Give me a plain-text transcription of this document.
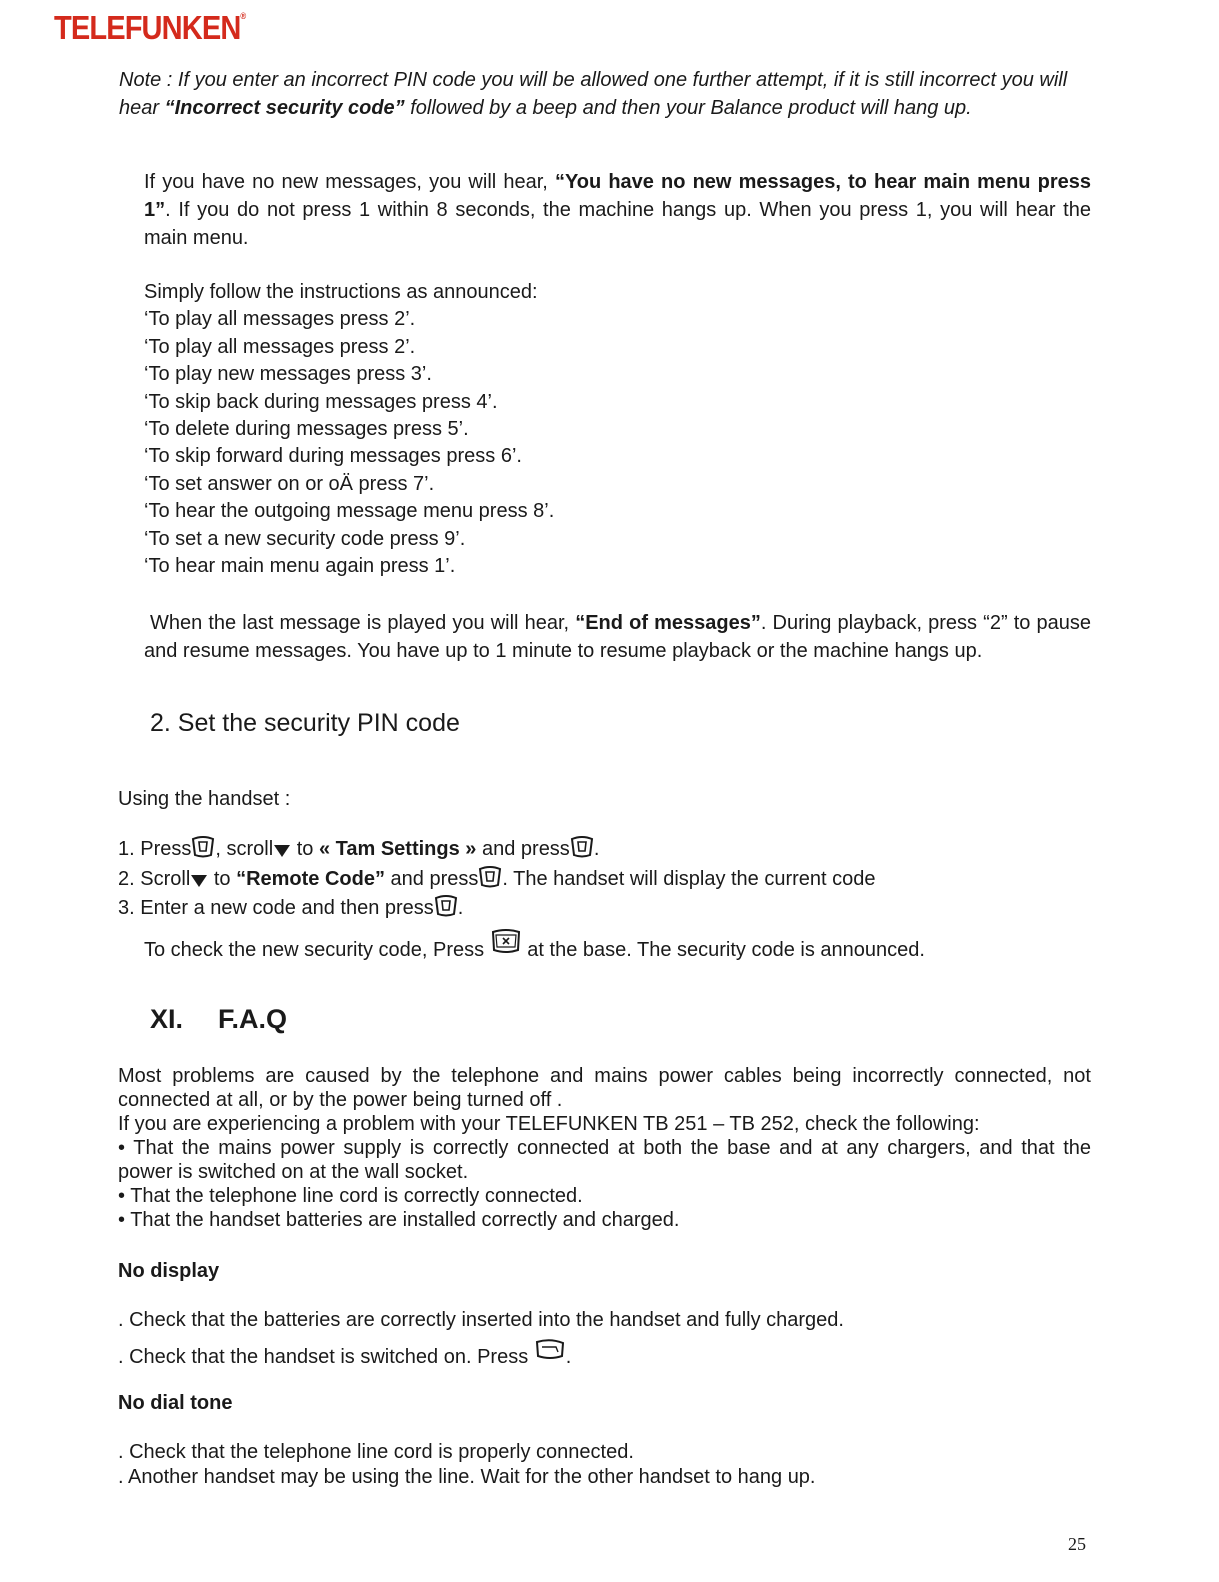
TELEFUNKEN®
Note : If you enter an incorrect PIN code you will be allowed one further attempt, if it is still incorrect you will hear “Incorrect security code” followed by a beep and then your Balance product will hang up.
If you have no new messages, you will hear, “You have no new messages, to hear main menu press 1”. If you do not press 1 within 8 seconds, the machine hangs up. When you press 1, you will hear the main menu.
Simply follow the instructions as announced:
‘To play all messages press 2’.
‘To play all messages press 2’.
‘To play new messages press 3’.
‘To skip back during messages press 4’.
‘To delete during messages press 5’.
‘To skip forward during messages press 6’.
‘To set answer on or oÄ press 7’.
‘To hear the outgoing message menu press 8’.
‘To set a new security code press 9’.
‘To hear main menu again press 1’.
When the last message is played you will hear, “End of messages”. During playback, press “2” to pause and resume messages. You have up to 1 minute to resume playback or the machine hangs up.
2. Set the security PIN code
Using the handset :
1. Press , scroll to « Tam Settings » and press .
2. Scroll to “Remote Code” and press . The handset will display the current code
3. Enter a new code and then press .
To check the new security code, Press  at the base. The security code is announced.
XI. F.A.Q
Most problems are caused by the telephone and mains power cables being incorrectly connected, not connected at all, or by the power being turned off .
If you are experiencing a problem with your TELEFUNKEN TB 251 – TB 252, check the following:
• That the mains power supply is correctly connected at both the base and at any chargers, and that the power is switched on at the wall socket.
• That the telephone line cord is correctly connected.
• That the handset batteries are installed correctly and charged.
No display
. Check that the batteries are correctly inserted into the handset and fully charged.
. Check that the handset is switched on. Press .
No dial tone
. Check that the telephone line cord is properly connected.
. Another handset may be using the line. Wait for the other handset to hang up.
25
